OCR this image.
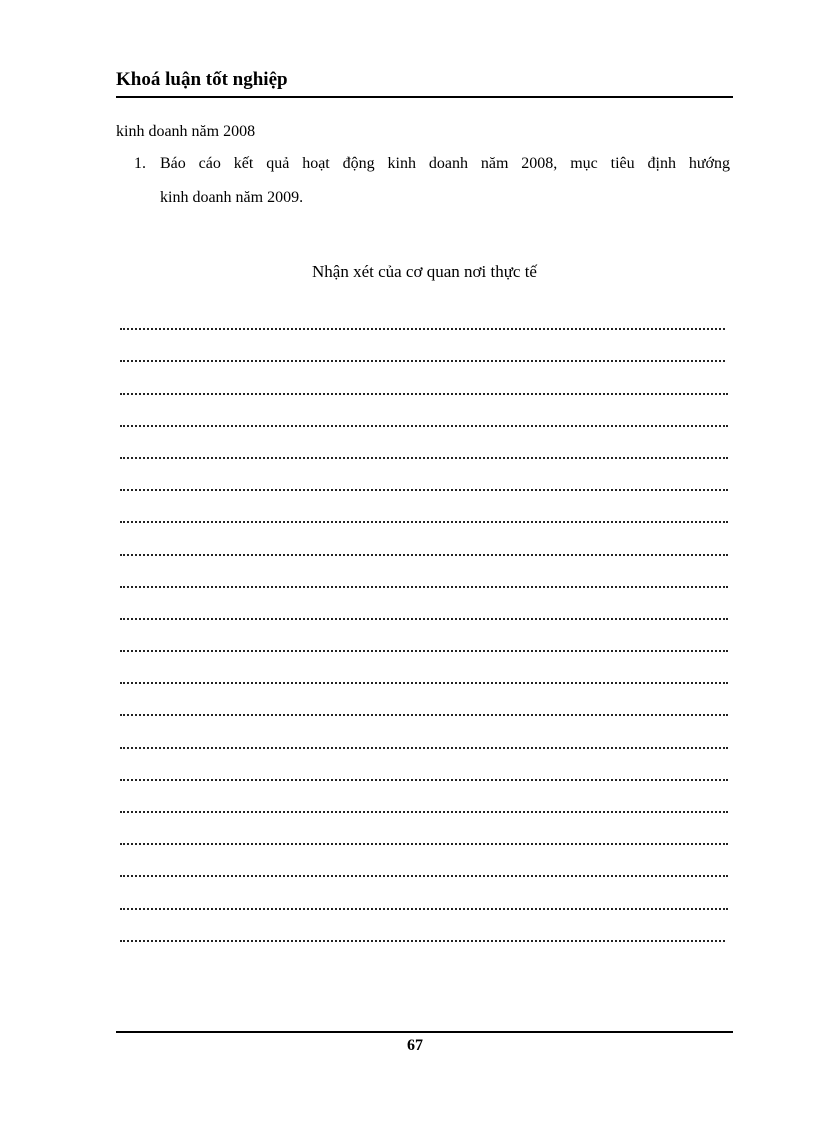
Khoá luận tốt nghiệp
kinh doanh năm 2008
1. Báo cáo kết quả hoạt động kinh doanh năm 2008, mục tiêu định hướng
kinh doanh năm 2009.
Nhận xét của cơ quan nơi thực tế
67
